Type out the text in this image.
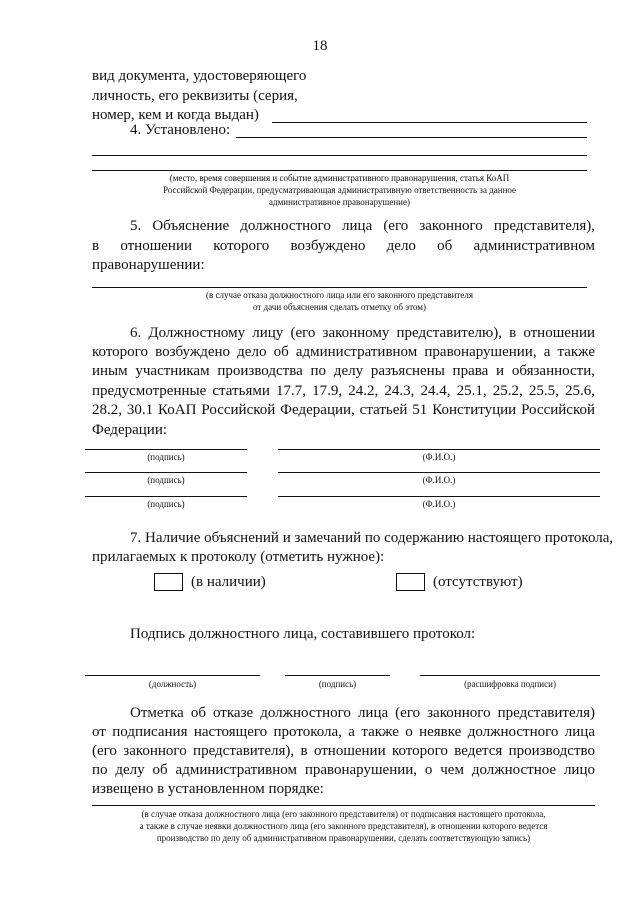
18
вид документа, удостоверяющего
личность, его реквизиты (серия,
номер, кем и когда выдан)
4. Установлено:
(место, время совершения и событие административного правонарушения, статья КоАП
Российской Федерации, предусматривающая административную ответственность за данное
административное правонарушение)
5. Объяснение должностного лица (его законного представителя),
в отношении которого возбуждено дело об административном
правонарушении:
(в случае отказа должностного лица или его законного представителя
от дачи объяснения сделать отметку об этом)
6. Должностному лицу (его законному представителю), в отношении
которого возбуждено дело об административном правонарушении, а также
иным участникам производства по делу разъяснены права и обязанности,
предусмотренные статьями 17.7, 17.9, 24.2, 24.3, 24.4, 25.1, 25.2, 25.5, 25.6,
28.2, 30.1 КоАП Российской Федерации, статьей 51 Конституции Российской
Федерации:
(подпись)	(Ф.И.О.)
(подпись)	(Ф.И.О.)
(подпись)	(Ф.И.О.)
7. Наличие объяснений и замечаний по содержанию настоящего протокола,
прилагаемых к протоколу (отметить нужное):
(в наличии)	(отсутствуют)
Подпись должностного лица, составившего протокол:
(должность)	(подпись)	(расшифровка подписи)
Отметка об отказе должностного лица (его законного представителя)
от подписания настоящего протокола, а также о неявке должностного лица
(его законного представителя), в отношении которого ведется производство
по делу об административном правонарушении, о чем должностное лицо
извещено в установленном порядке:
(в случае отказа должностного лица (его законного представителя) от подписания настоящего протокола,
а также в случае неявки должностного лица (его законного представителя), в отношении которого ведется
производство по делу об административном правонарушении, сделать соответствующую запись)
